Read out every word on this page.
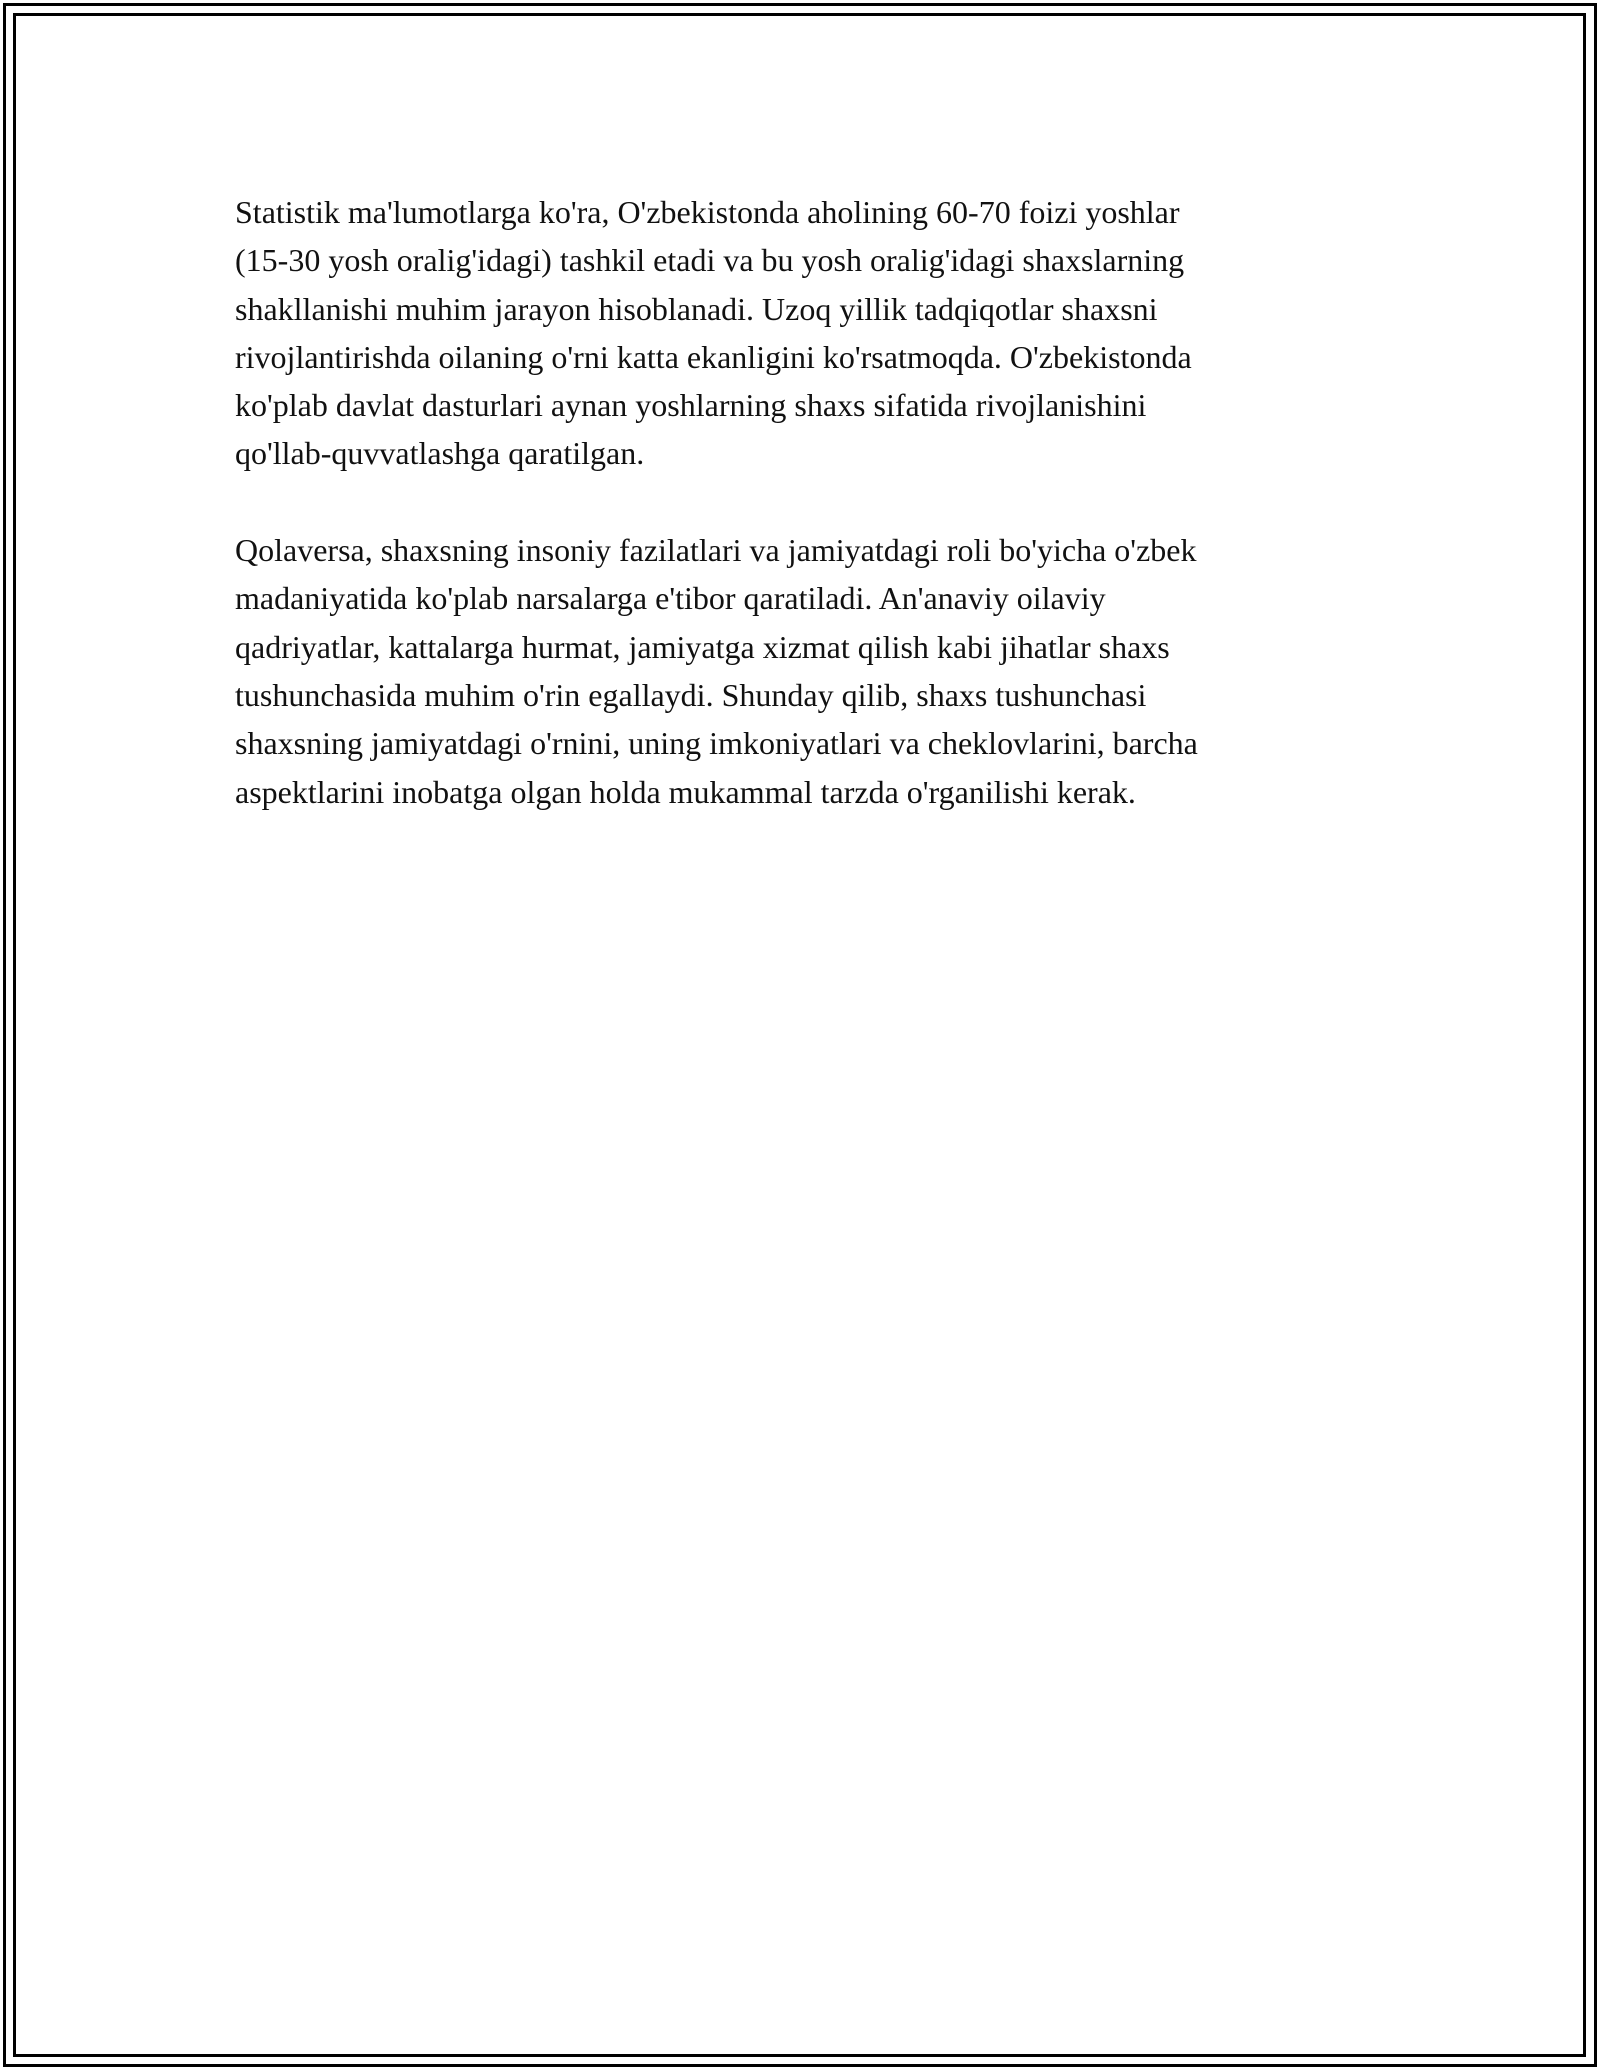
Statistik ma'lumotlarga ko'ra, O'zbekistonda aholining 60-70 foizi yoshlar
(15-30 yosh oralig'idagi) tashkil etadi va bu yosh oralig'idagi shaxslarning
shakllanishi muhim jarayon hisoblanadi. Uzoq yillik tadqiqotlar shaxsni
rivojlantirishda oilaning o'rni katta ekanligini ko'rsatmoqda. O'zbekistonda
ko'plab davlat dasturlari aynan yoshlarning shaxs sifatida rivojlanishini
qo'llab-quvvatlashga qaratilgan.

Qolaversa, shaxsning insoniy fazilatlari va jamiyatdagi roli bo'yicha o'zbek
madaniyatida ko'plab narsalarga e'tibor qaratiladi. An'anaviy oilaviy
qadriyatlar, kattalarga hurmat, jamiyatga xizmat qilish kabi jihatlar shaxs
tushunchasida muhim o'rin egallaydi. Shunday qilib, shaxs tushunchasi
shaxsning jamiyatdagi o'rnini, uning imkoniyatlari va cheklovlarini, barcha
aspektlarini inobatga olgan holda mukammal tarzda o'rganilishi kerak.
